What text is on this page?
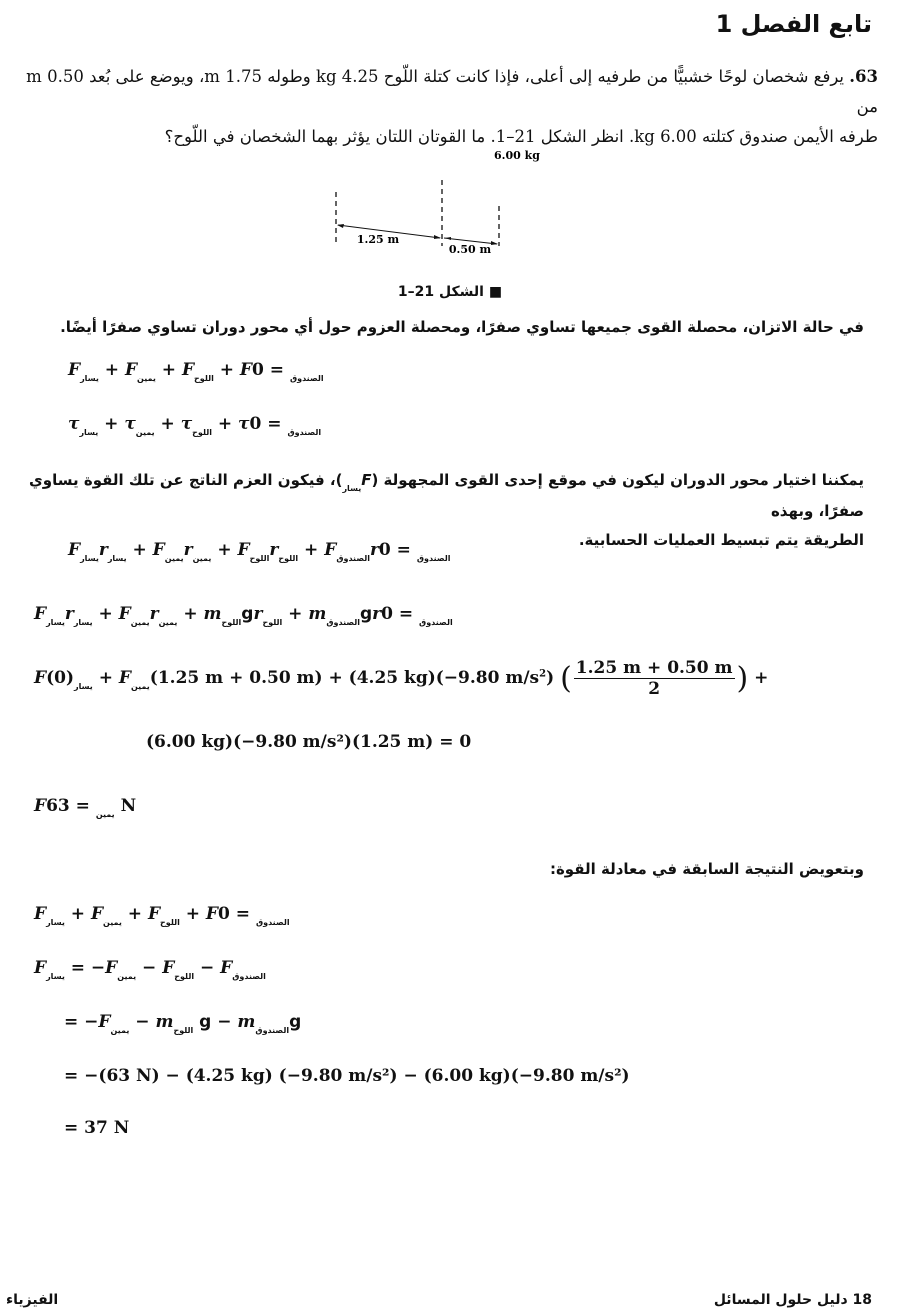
تابع الفصل 1
63. يرفع شخصان لوحًا خشبيًّا من طرفيه إلى أعلى، فإذا كانت كتلة اللّوح 4.25 kg وطوله 1.75 m، ويوضع على بُعد 0.50 m من
طرفه الأيمن صندوق كتلته 6.00 kg. انظر الشكل 21–1. ما القوتان اللتان يؤثر بهما الشخصان في اللّوح؟
6.00 kg
1.25 m
0.50 m
■ الشكل 21–1
في حالة الاتزان، محصلة القوى جميعها تساوي صفرًا، ومحصلة العزوم حول أي محور دوران تساوي صفرًا أيضًا.
$F_{يسار} + F_{يمين} + F_{اللوح} + F$	$_{الصندوق}$ = 0
$\tau_{يسار} + \tau_{يمين} + \tau_{اللوح} + \tau$	$_{الصندوق}$ = 0
يمكننا اختيار محور الدوران ليكون في موقع إحدى القوى المجهولة $(F_{يسار})،$ فيكون العزم الناتج عن تلك القوة يساوي صفرًا، وبهذه
الطريقة يتم تبسيط العمليات الحسابية.
$F_{يسار}r_{يسار} + F_{يمين}r_{يمين} + F_{اللوح}r_{اللوح} + F_{الصندوق}r$	$_{الصندوق}$ = 0
$F_{يسار}r_{يسار} + F_{يمين}r_{يمين} + m_{اللوح}gr_{اللوح} + m_{الصندوق}gr$	$_{الصندوق}$ = 0
F	$_{يسار}(0) + F_{يمين}(1.25$ m + 0.50 m) + (4.25 kg)(−9.80 $m/s^2$) ( $\frac{1.25 m + 0.50 m}{2}$ ) +
(6.00 kg)(−9.80 m/s²)(1.25 m) = 0
F	$_{يمين}$ = 63 N
وبتعويض النتيجة السابقة في معادلة القوة:
$F_{يسار} + F_{يمين} + F_{اللوح} + F$	$_{الصندوق}$ = 0
$F_{يسار} = -F_{يمين} - F_{اللوح} - F_{الصندوق}$
= $-F_{يمين} - m_{اللوح}$ $g - m_{الصندوق}g$
= −(63 N) − (4.25 kg) (−9.80 m/s²) − (6.00 kg)(−9.80 m/s²)
= 37 N
18 دليل حلول المسائل
الفيزياء
